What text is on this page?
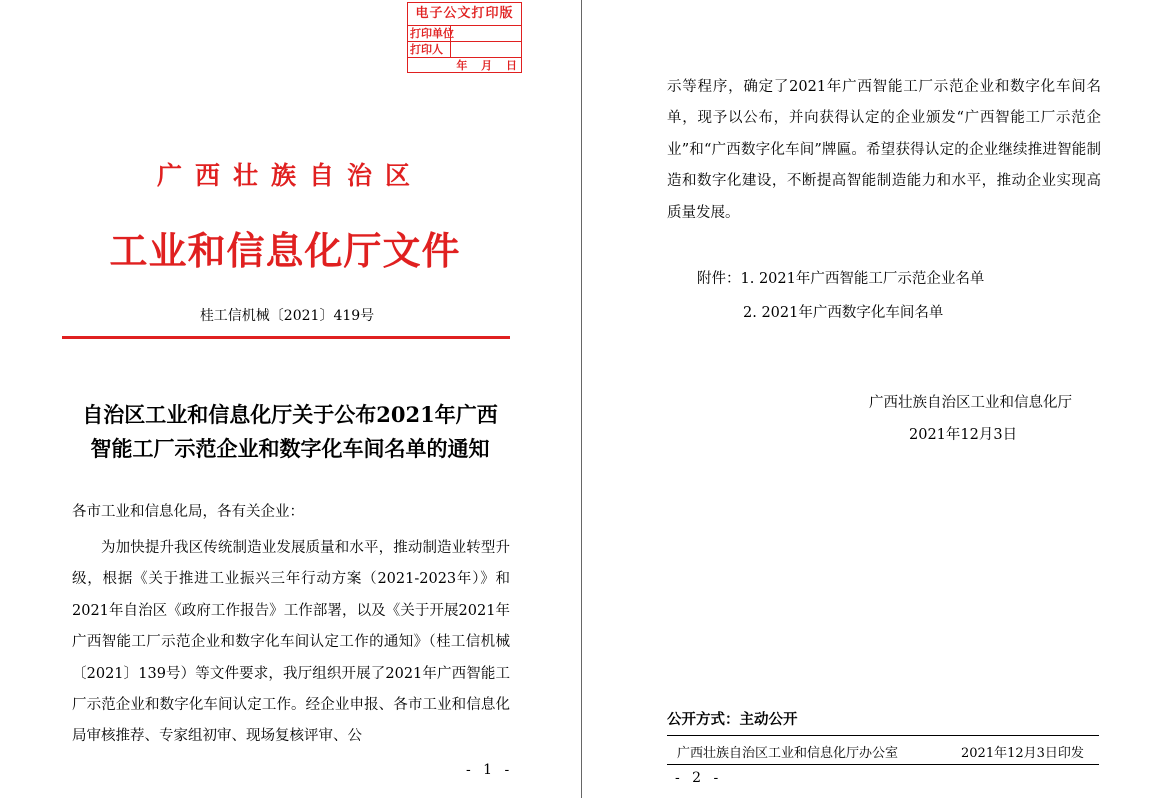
电子公文打印版
打印单位
打印人
年 月 日
广西壮族自治区
工业和信息化厅文件
桂工信机械〔2021〕419号
自治区工业和信息化厅关于公布2021年广西
智能工厂示范企业和数字化车间名单的通知
各市工业和信息化局，各有关企业：
为加快提升我区传统制造业发展质量和水平，推动制造业转型升级，根据《关于推进工业振兴三年行动方案（2021-2023年）》和2021年自治区《政府工作报告》工作部署，以及《关于开展2021年广西智能工厂示范企业和数字化车间认定工作的通知》（桂工信机械〔2021〕139号）等文件要求，我厅组织开展了2021年广西智能工厂示范企业和数字化车间认定工作。经企业申报、各市工业和信息化局审核推荐、专家组初审、现场复核评审、公
- 1 -
示等程序，确定了2021年广西智能工厂示范企业和数字化车间名单，现予以公布，并向获得认定的企业颁发“广西智能工厂示范企业”和“广西数字化车间”牌匾。希望获得认定的企业继续推进智能制造和数字化建设，不断提高智能制造能力和水平，推动企业实现高质量发展。
附件：1. 2021年广西智能工厂示范企业名单
2. 2021年广西数字化车间名单
广西壮族自治区工业和信息化厅
2021年12月3日
公开方式：主动公开
广西壮族自治区工业和信息化厅办公室	2021年12月3日印发
- 2 -
